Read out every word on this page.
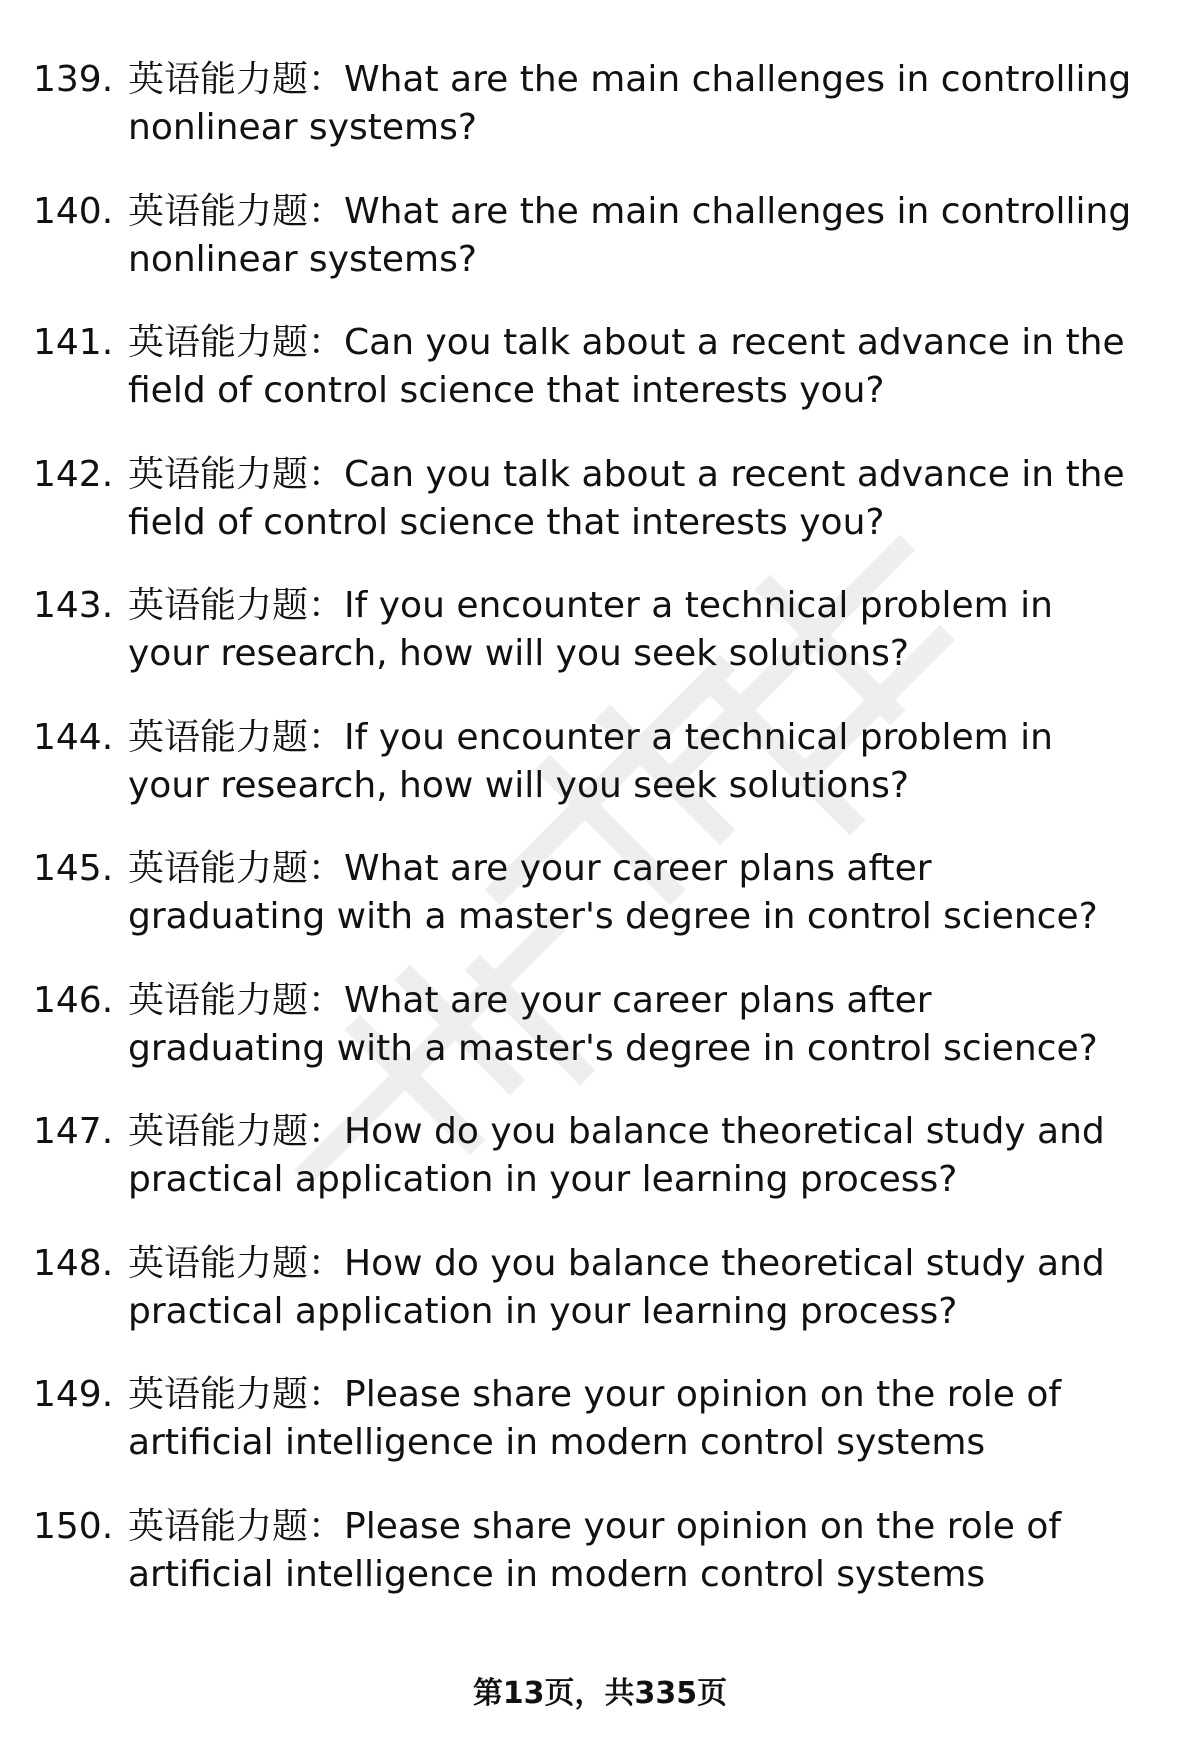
139. 英语能力题：What are the main challenges in controlling nonlinear systems?
140. 英语能力题：What are the main challenges in controlling nonlinear systems?
141. 英语能力题：Can you talk about a recent advance in the field of control science that interests you?
142. 英语能力题：Can you talk about a recent advance in the field of control science that interests you?
143. 英语能力题：If you encounter a technical problem in your research, how will you seek solutions?
144. 英语能力题：If you encounter a technical problem in your research, how will you seek solutions?
145. 英语能力题：What are your career plans after graduating with a master's degree in control science?
146. 英语能力题：What are your career plans after graduating with a master's degree in control science?
147. 英语能力题：How do you balance theoretical study and practical application in your learning process?
148. 英语能力题：How do you balance theoretical study and practical application in your learning process?
149. 英语能力题：Please share your opinion on the role of artificial intelligence in modern control systems
150. 英语能力题：Please share your opinion on the role of artificial intelligence in modern control systems
第13页，共335页
